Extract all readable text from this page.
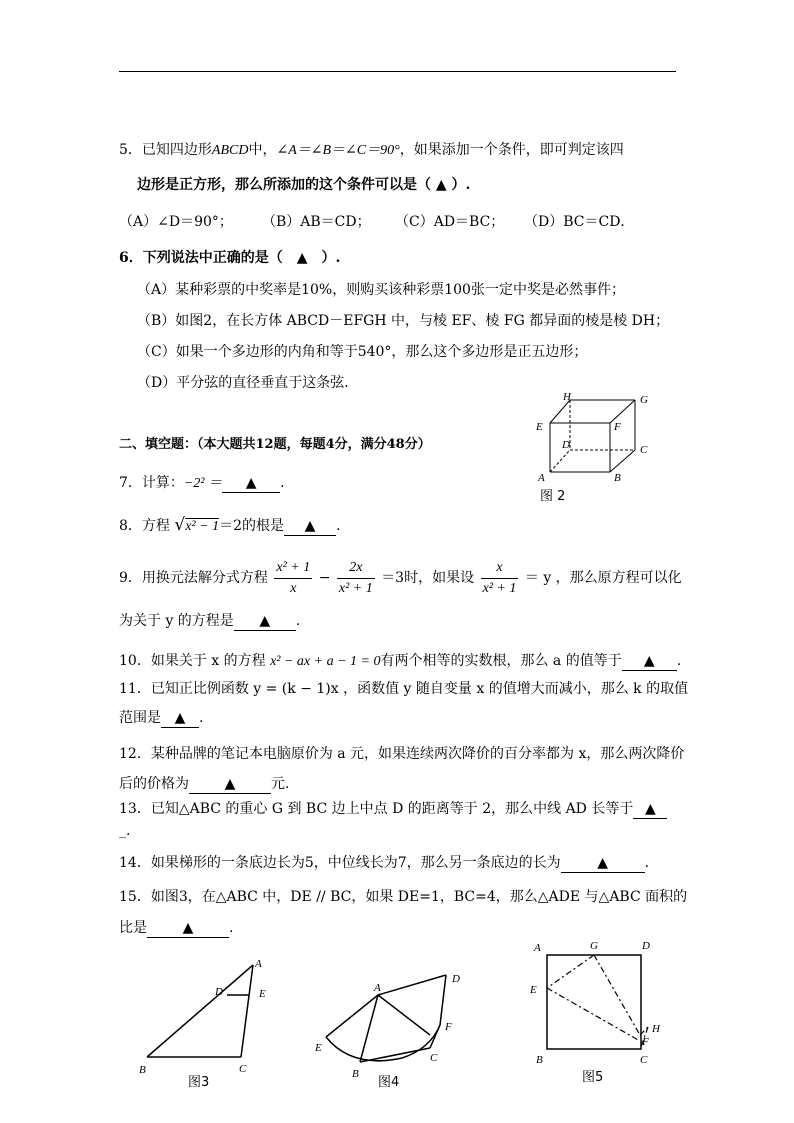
5．已知四边形ABCD中，∠A＝∠B＝∠C＝90°，如果添加一个条件，即可判定该四
边形是正方形，那么所添加的这个条件可以是（ ▲ ）.
（A）∠D＝90°； （B）AB＝CD； （C）AD＝BC； （D）BC＝CD．
6．下列说法中正确的是（　▲　）.
（A）某种彩票的中奖率是10%，则购买该种彩票100张一定中奖是必然事件；
（B）如图2，在长方体 ABCD－EFGH 中，与棱 EF、棱 FG 都异面的棱是棱 DH；
（C）如果一个多边形的内角和等于540°，那么这个多边形是正五边形；
（D）平分弦的直径垂直于这条弦．
二、填空题：（本大题共12题，每题4分，满分48分）
H	G
E	F
D	C
A	B
图 2
7．计算：−2² ＝ ▲ .
8．方程 √x² − 1＝2的根是 ▲ .
9．用换元法解分式方程 $\frac{\text{x² + 1}}{x} - \frac{2x}{\text{x² + 1}} =3$时，如果设 $\frac{x}{\text{x² + 1}} = y$ ，那么原方程可以化
为关于 y 的方程是 ▲ .
10．如果关于 x 的方程 x² − ax + a − 1 = 0有两个相等的实数根，那么 a 的值等于 ▲ .
11．已知正比例函数 y = (k − 1)x ，函数值 y 随自变量 x 的值增大而减小，那么 k 的取值
范围是 ▲ .
12．某种品牌的笔记本电脑原价为 a 元，如果连续两次降价的百分率都为 x，那么两次降价
后的价格为	▲	元.
13．已知△ABC 的重心 G 到 BC 边上中点 D 的距离等于 2，那么中线 AD 长等于 ▲
_.
14．如果梯形的一条底边长为5，中位线长为7，那么另一条底边的长为	▲	.
15．如图3，在△ABC 中，DE // BC，如果 DE=1，BC=4，那么△ADE 与△ABC 面积的
比是	▲	.
A
D	E
B	C
图3
A
D
E
F
B
C
图4
A	G	D
E
H
F
B	C
图5
